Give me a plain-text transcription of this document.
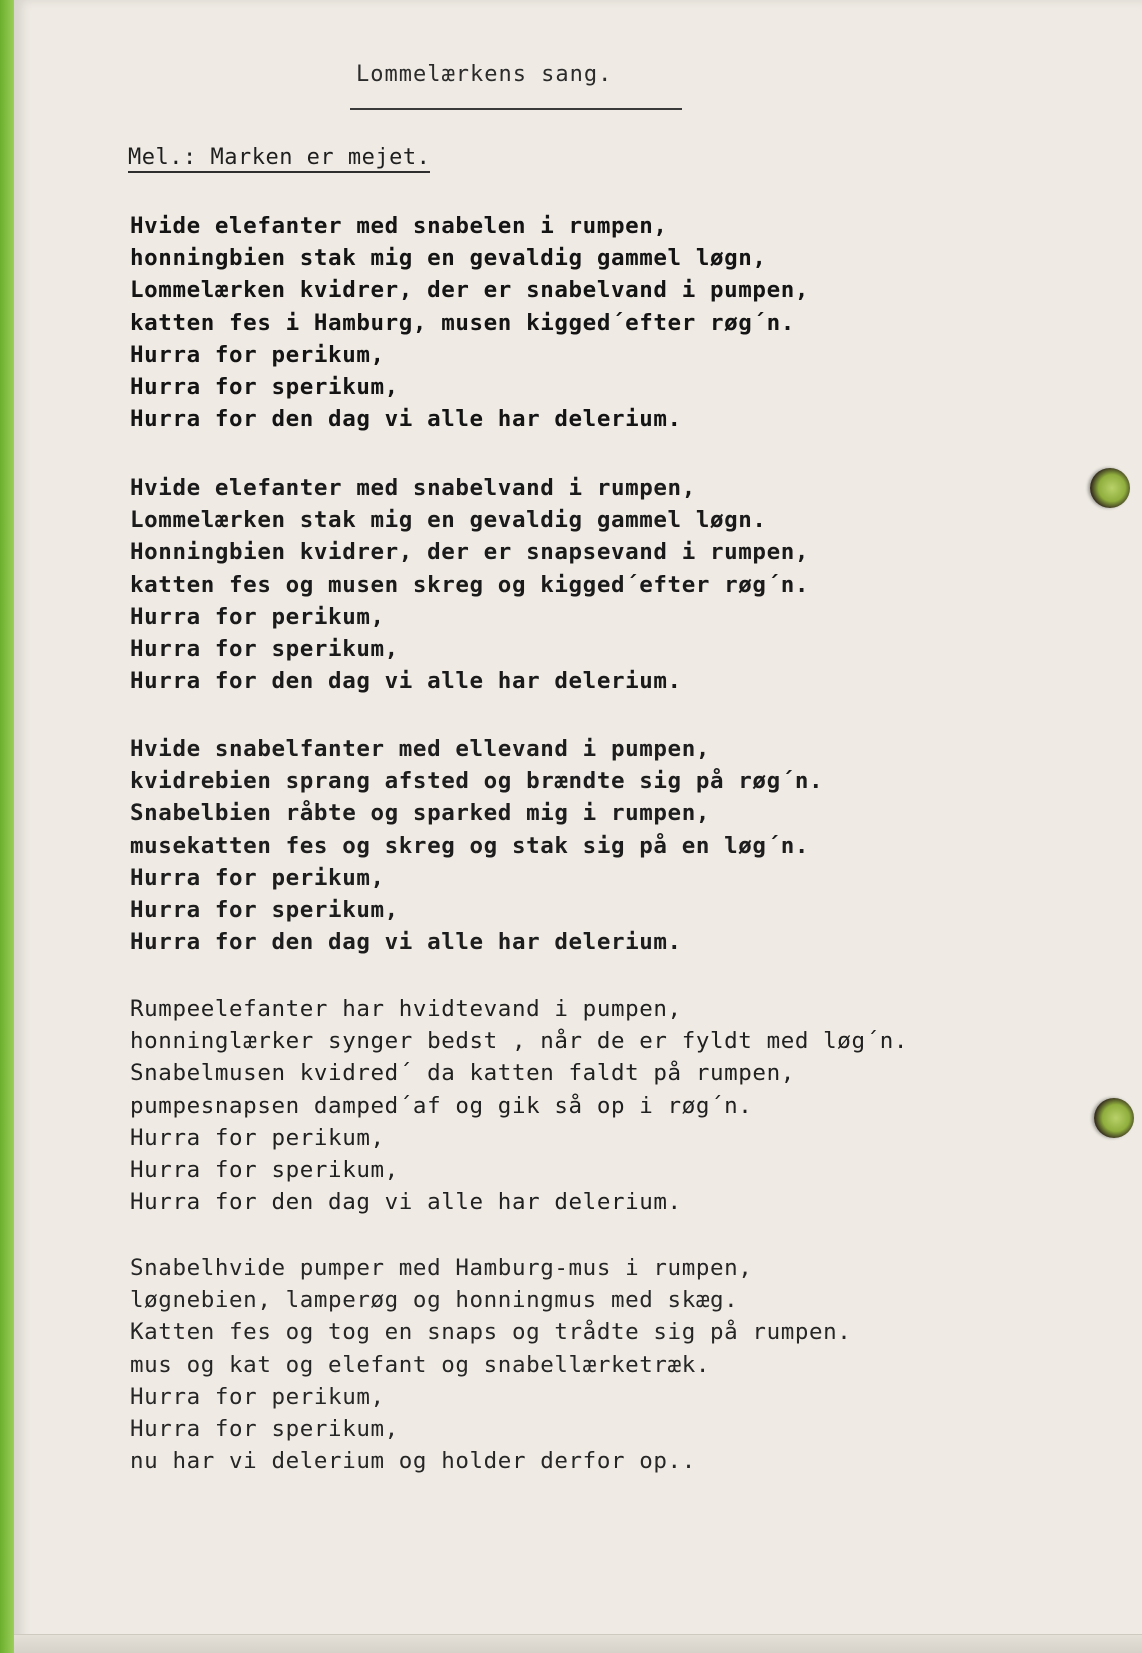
Lommelærkens sang.
Mel.: Marken er mejet.
Hvide elefanter med snabelen i rumpen,
honningbien stak mig en gevaldig gammel løgn,
Lommelærken kvidrer, der er snabelvand i pumpen,
katten fes i Hamburg, musen kigged´efter røg´n.
Hurra for perikum,
Hurra for sperikum,
Hurra for den dag vi alle har delerium.
Hvide elefanter med snabelvand i rumpen,
Lommelærken stak mig en gevaldig gammel løgn.
Honningbien kvidrer, der er snapsevand i rumpen,
katten fes og musen skreg og kigged´efter røg´n.
Hurra for perikum,
Hurra for sperikum,
Hurra for den dag vi alle har delerium.
Hvide snabelfanter med ellevand i pumpen,
kvidrebien sprang afsted og brændte sig på røg´n.
Snabelbien råbte og sparked mig i rumpen,
musekatten fes og skreg og stak sig på en løg´n.
Hurra for perikum,
Hurra for sperikum,
Hurra for den dag vi alle har delerium.
Rumpeelefanter har hvidtevand i pumpen,
honninglærker synger bedst , når de er fyldt med løg´n.
Snabelmusen kvidred´ da katten faldt på rumpen,
pumpesnapsen damped´af og gik så op i røg´n.
Hurra for perikum,
Hurra for sperikum,
Hurra for den dag vi alle har delerium.
Snabelhvide pumper med Hamburg-mus i rumpen,
løgnebien, lamperøg og honningmus med skæg.
Katten fes og tog en snaps og trådte sig på rumpen.
mus og kat og elefant og snabellærketræk.
Hurra for perikum,
Hurra for sperikum,
nu har vi delerium og holder derfor op..
